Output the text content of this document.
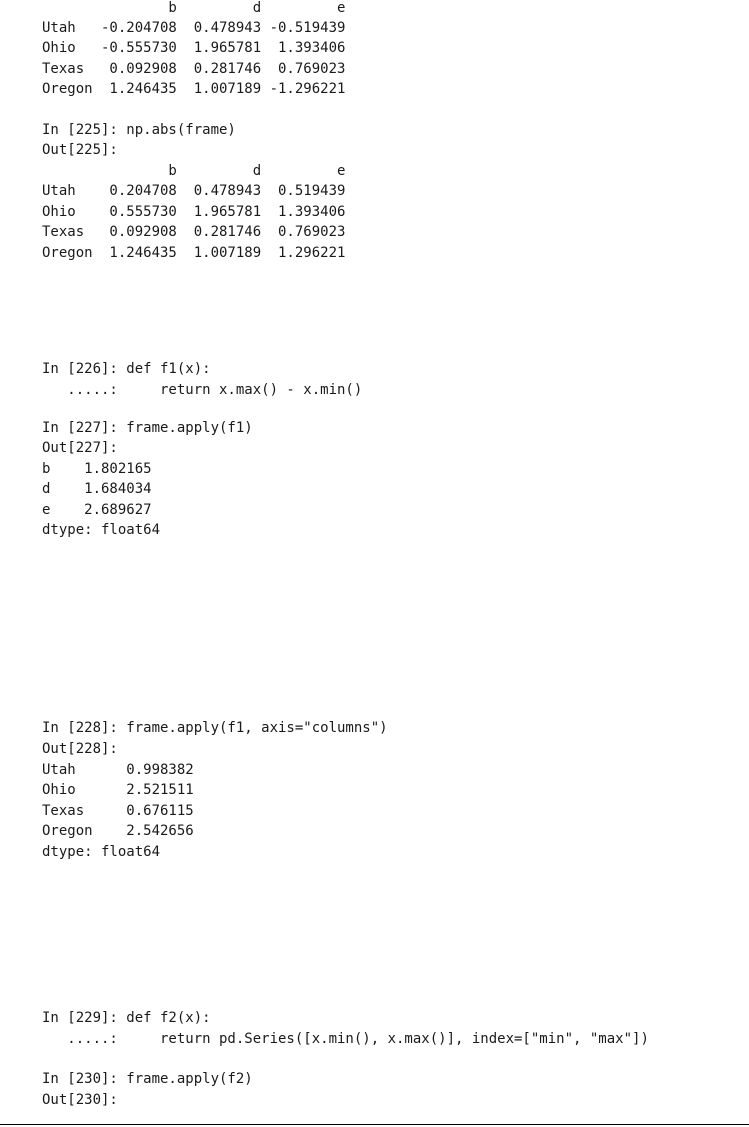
b         d         e
Utah   -0.204708  0.478943 -0.519439
Ohio   -0.555730  1.965781  1.393406
Texas   0.092908  0.281746  0.769023
Oregon  1.246435  1.007189 -1.296221
In [225]: np.abs(frame)
Out[225]:
b         d         e
Utah    0.204708  0.478943  0.519439
Ohio    0.555730  1.965781  1.393406
Texas   0.092908  0.281746  0.769023
Oregon  1.246435  1.007189  1.296221
In [226]: def f1(x):
.....:     return x.max() - x.min()
In [227]: frame.apply(f1)
Out[227]:
b    1.802165
d    1.684034
e    2.689627
dtype: float64
In [228]: frame.apply(f1, axis="columns")
Out[228]:
Utah      0.998382
Ohio      2.521511
Texas     0.676115
Oregon    2.542656
dtype: float64
In [229]: def f2(x):
.....:     return pd.Series([x.min(), x.max()], index=["min", "max"])
In [230]: frame.apply(f2)
Out[230]:
